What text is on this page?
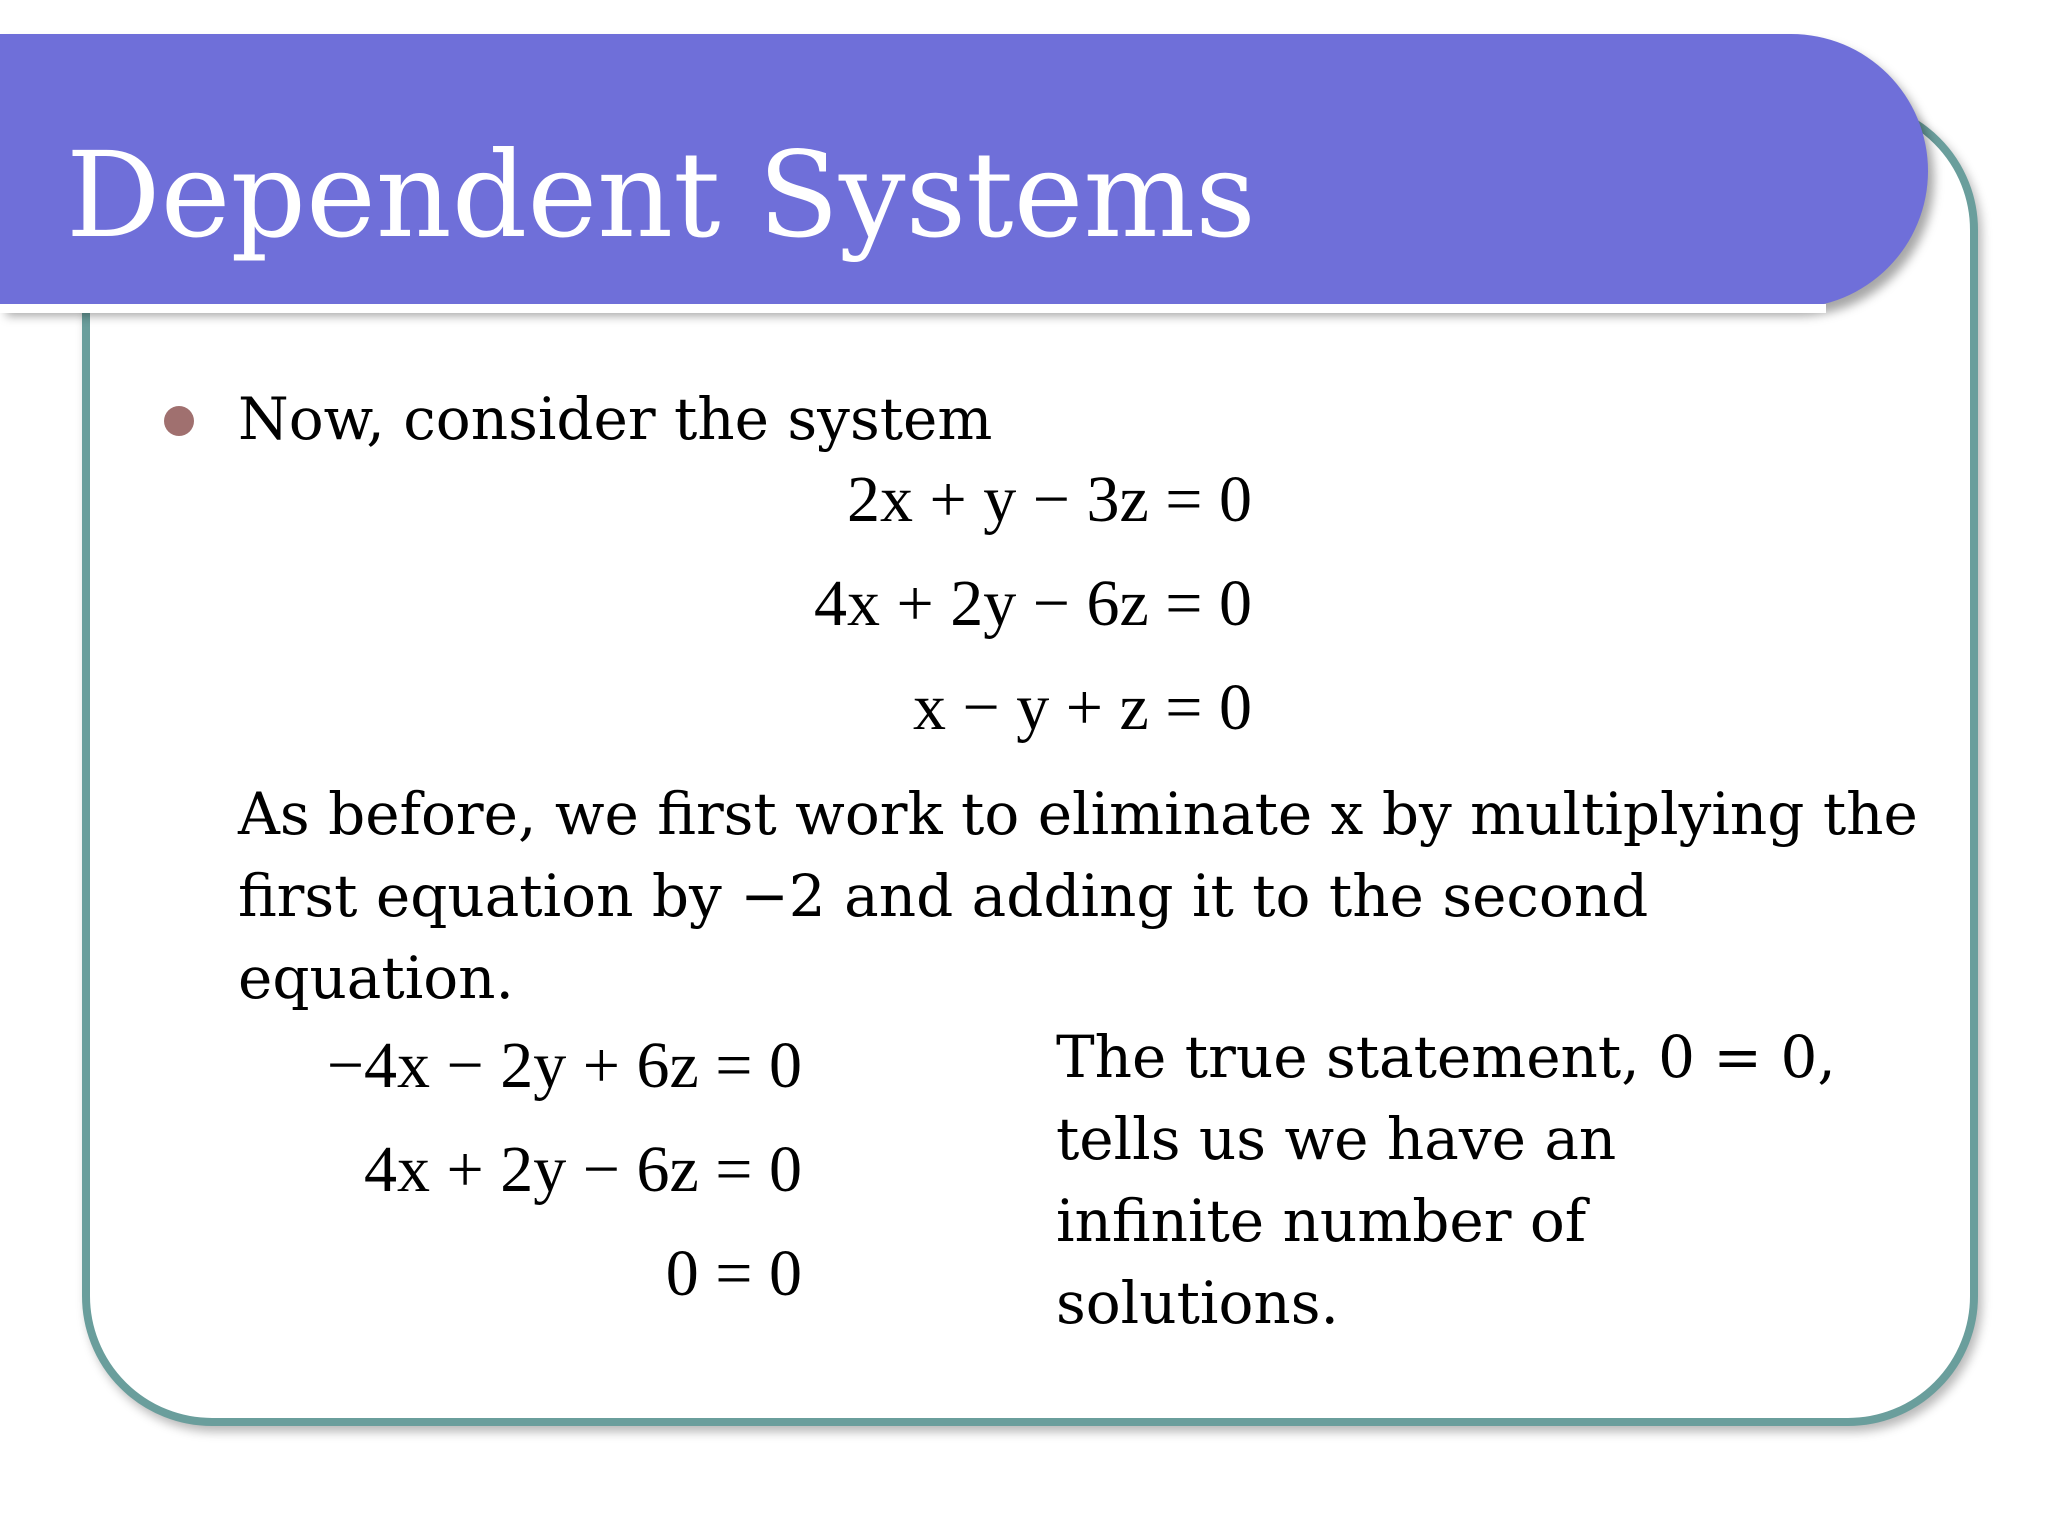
Dependent Systems
Now, consider the system
2x + y − 3z = 0
4x + 2y − 6z = 0
x − y + z = 0
As before, we first work to eliminate x by multiplying the
first equation by −2 and adding it to the second
equation.
−4x − 2y + 6z = 0
4x + 2y − 6z = 0
0 = 0
The true statement, 0 = 0,
tells us we have an
infinite number of
solutions.
